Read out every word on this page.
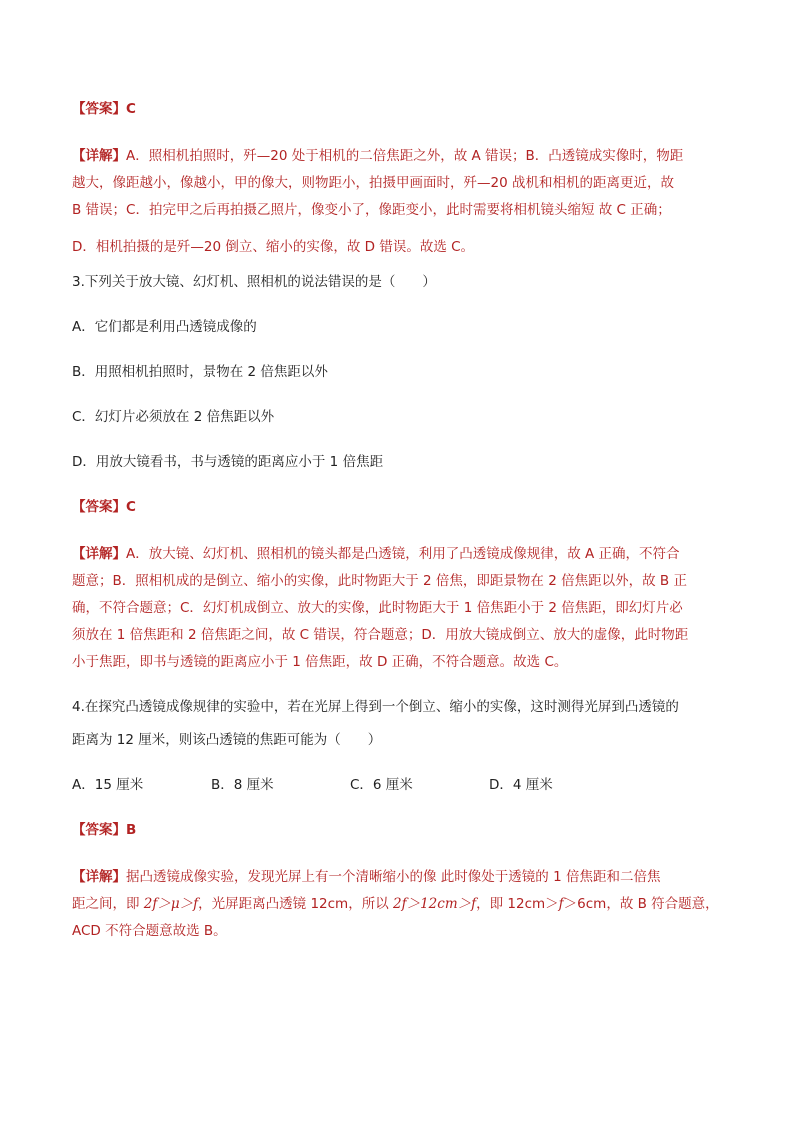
【答案】C

【详解】A．照相机拍照时，歼—20 处于相机的二倍焦距之外，故 A 错误；B．凸透镜成实像时，物距

越大，像距越小，像越小，甲的像大，则物距小，拍摄甲画面时，歼—20 战机和相机的距离更近，故

B 错误；C．拍完甲之后再拍摄乙照片，像变小了，像距变小，此时需要将相机镜头缩短 故 C 正确；

D．相机拍摄的是歼—20 倒立、缩小的实像，故 D 错误。故选 C。

3.下列关于放大镜、幻灯机、照相机的说法错误的是（　　）

A．它们都是利用凸透镜成像的

B．用照相机拍照时，景物在 2 倍焦距以外

C．幻灯片必须放在 2 倍焦距以外

D．用放大镜看书，书与透镜的距离应小于 1 倍焦距

【答案】C

【详解】A．放大镜、幻灯机、照相机的镜头都是凸透镜，利用了凸透镜成像规律，故 A 正确，不符合

题意；B．照相机成的是倒立、缩小的实像，此时物距大于 2 倍焦，即距景物在 2 倍焦距以外，故 B 正

确，不符合题意；C．幻灯机成倒立、放大的实像，此时物距大于 1 倍焦距小于 2 倍焦距，即幻灯片必

须放在 1 倍焦距和 2 倍焦距之间，故 C 错误，符合题意；D．用放大镜成倒立、放大的虚像，此时物距

小于焦距，即书与透镜的距离应小于 1 倍焦距，故 D 正确，不符合题意。故选 C。

4.在探究凸透镜成像规律的实验中，若在光屏上得到一个倒立、缩小的实像，这时测得光屏到凸透镜的

距离为 12 厘米，则该凸透镜的焦距可能为（　　）

A．15 厘米	B．8 厘米	C．6 厘米	D．4 厘米

【答案】B

【详解】据凸透镜成像实验，发现光屏上有一个清晰缩小的像 此时像处于透镜的 1 倍焦距和二倍焦

距之间，即 2f＞μ＞f，光屏距离凸透镜 12cm，所以 2f＞12cm＞f，即 12cm＞f＞6cm，故 B 符合题意，

ACD 不符合题意故选 B。
